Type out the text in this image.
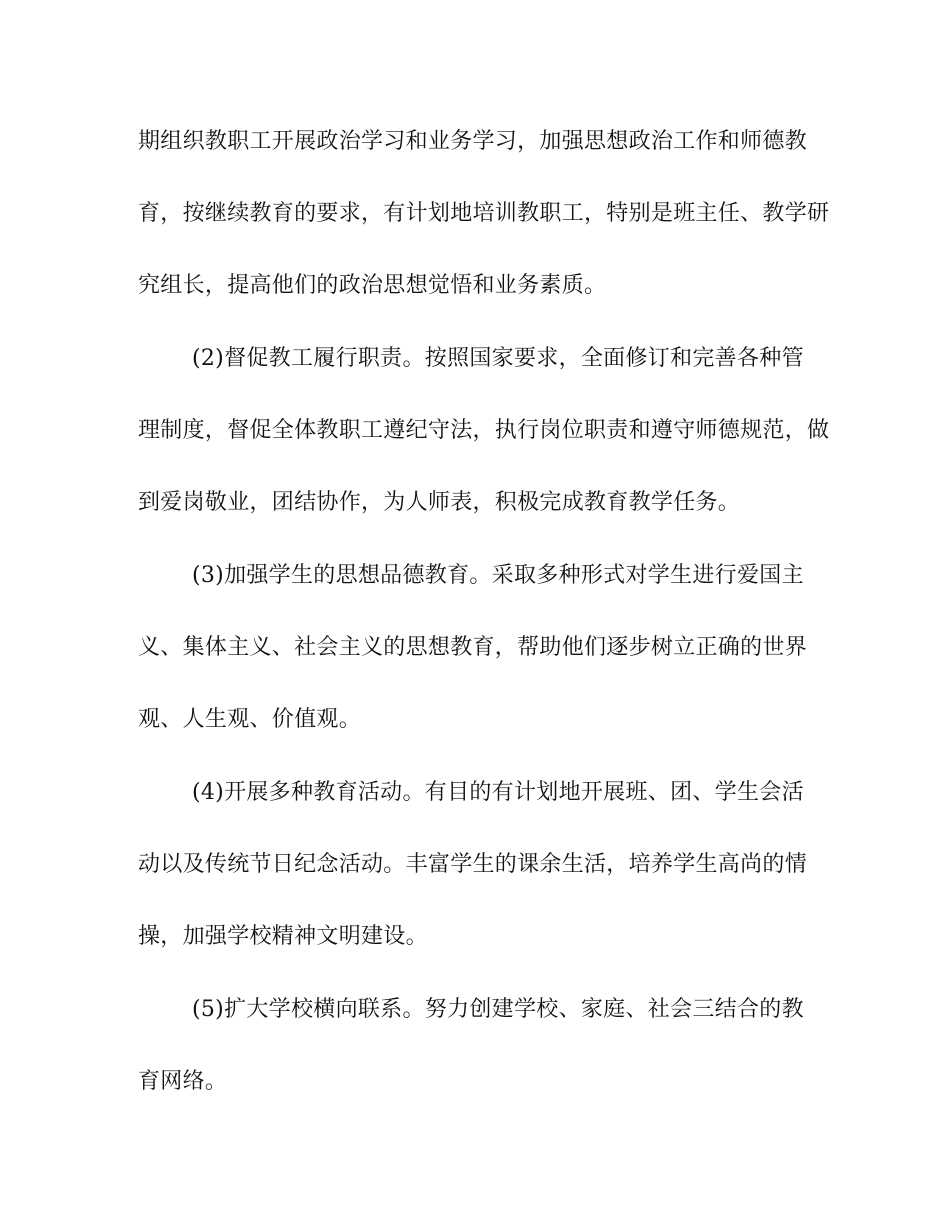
期组织教职工开展政治学习和业务学习，加强思想政治工作和师德教
育，按继续教育的要求，有计划地培训教职工，特别是班主任、教学研
究组长，提高他们的政治思想觉悟和业务素质。
(2)督促教工履行职责。按照国家要求，全面修订和完善各种管
理制度，督促全体教职工遵纪守法，执行岗位职责和遵守师德规范，做
到爱岗敬业，团结协作，为人师表，积极完成教育教学任务。
(3)加强学生的思想品德教育。采取多种形式对学生进行爱国主
义、集体主义、社会主义的思想教育，帮助他们逐步树立正确的世界
观、人生观、价值观。
(4)开展多种教育活动。有目的有计划地开展班、团、学生会活
动以及传统节日纪念活动。丰富学生的课余生活，培养学生高尚的情
操，加强学校精神文明建设。
(5)扩大学校横向联系。努力创建学校、家庭、社会三结合的教
育网络。
